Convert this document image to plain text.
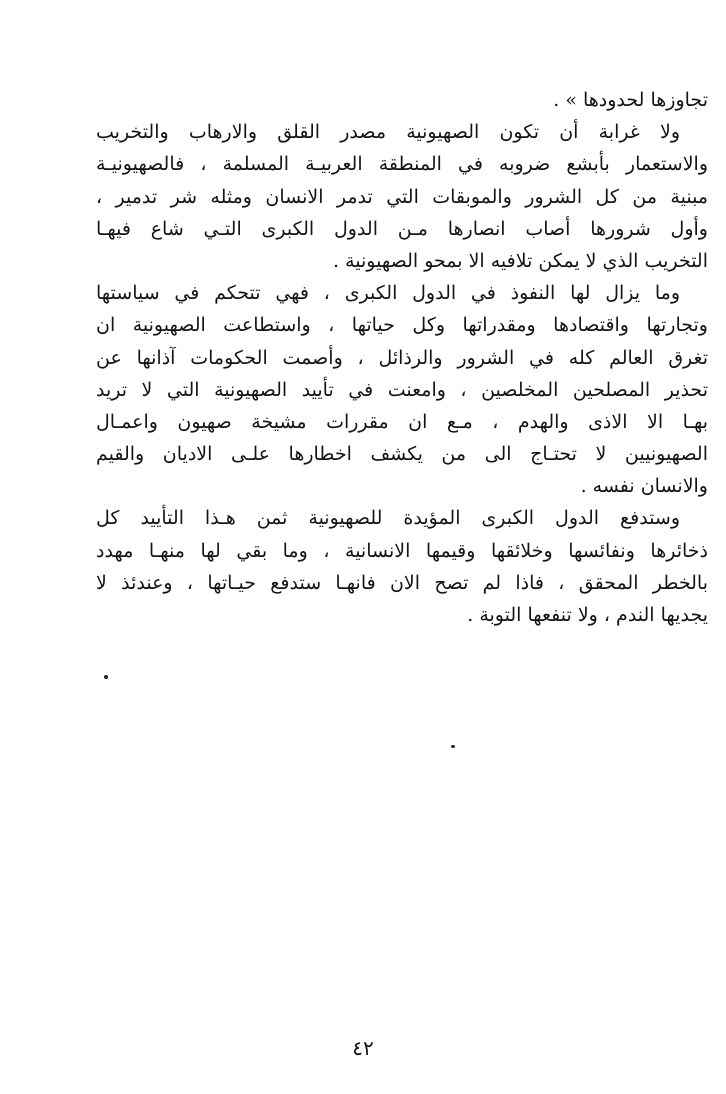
تجاوزها لحدودها » .
ولا غرابة أن تكون الصهيونية مصدر القلق والارهاب والتخريب
والاستعمار بأبشع ضروبه في المنطقة العربيـة المسلمة ، فالصهيونيـة
مبنية من كل الشرور والموبقات التي تدمر الانسان ومثله شر تدمير ،
وأول شرورها أصاب انصارها مـن الدول الكبرى التـي شاع فيهـا
التخريب الذي لا يمكن تلافيه الا بمحو الصهيونية .
وما يزال لها النفوذ في الدول الكبرى ، فهي تتحكم في سياستها
وتجارتها واقتصادها ومقدراتها وكل حياتها ، واستطاعت الصهيونية ان
تغرق العالم كله في الشرور والرذائل ، وأصمت الحكومات آذانها عن
تحذير المصلحين المخلصين ، وامعنت في تأييد الصهيونية التي لا تريد
بهـا الا الاذى والهدم ، مـع ان مقررات مشيخة صهيون واعمـال
الصهيونيين لا تحتـاج الى من يكشف اخطارها علـى الاديان والقيم
والانسان نفسه .
وستدفع الدول الكبرى المؤيدة للصهيونية ثمن هـذا التأييد كل
ذخائرها ونفائسها وخلائقها وقيمها الانسانية ، وما بقي لها منهـا مهدد
بالخطر المحقق ، فاذا لم تصح الان فانهـا ستدفع حيـاتها ، وعندئذ لا
يجديها الندم ، ولا تنفعها التوبة .
٤٢
